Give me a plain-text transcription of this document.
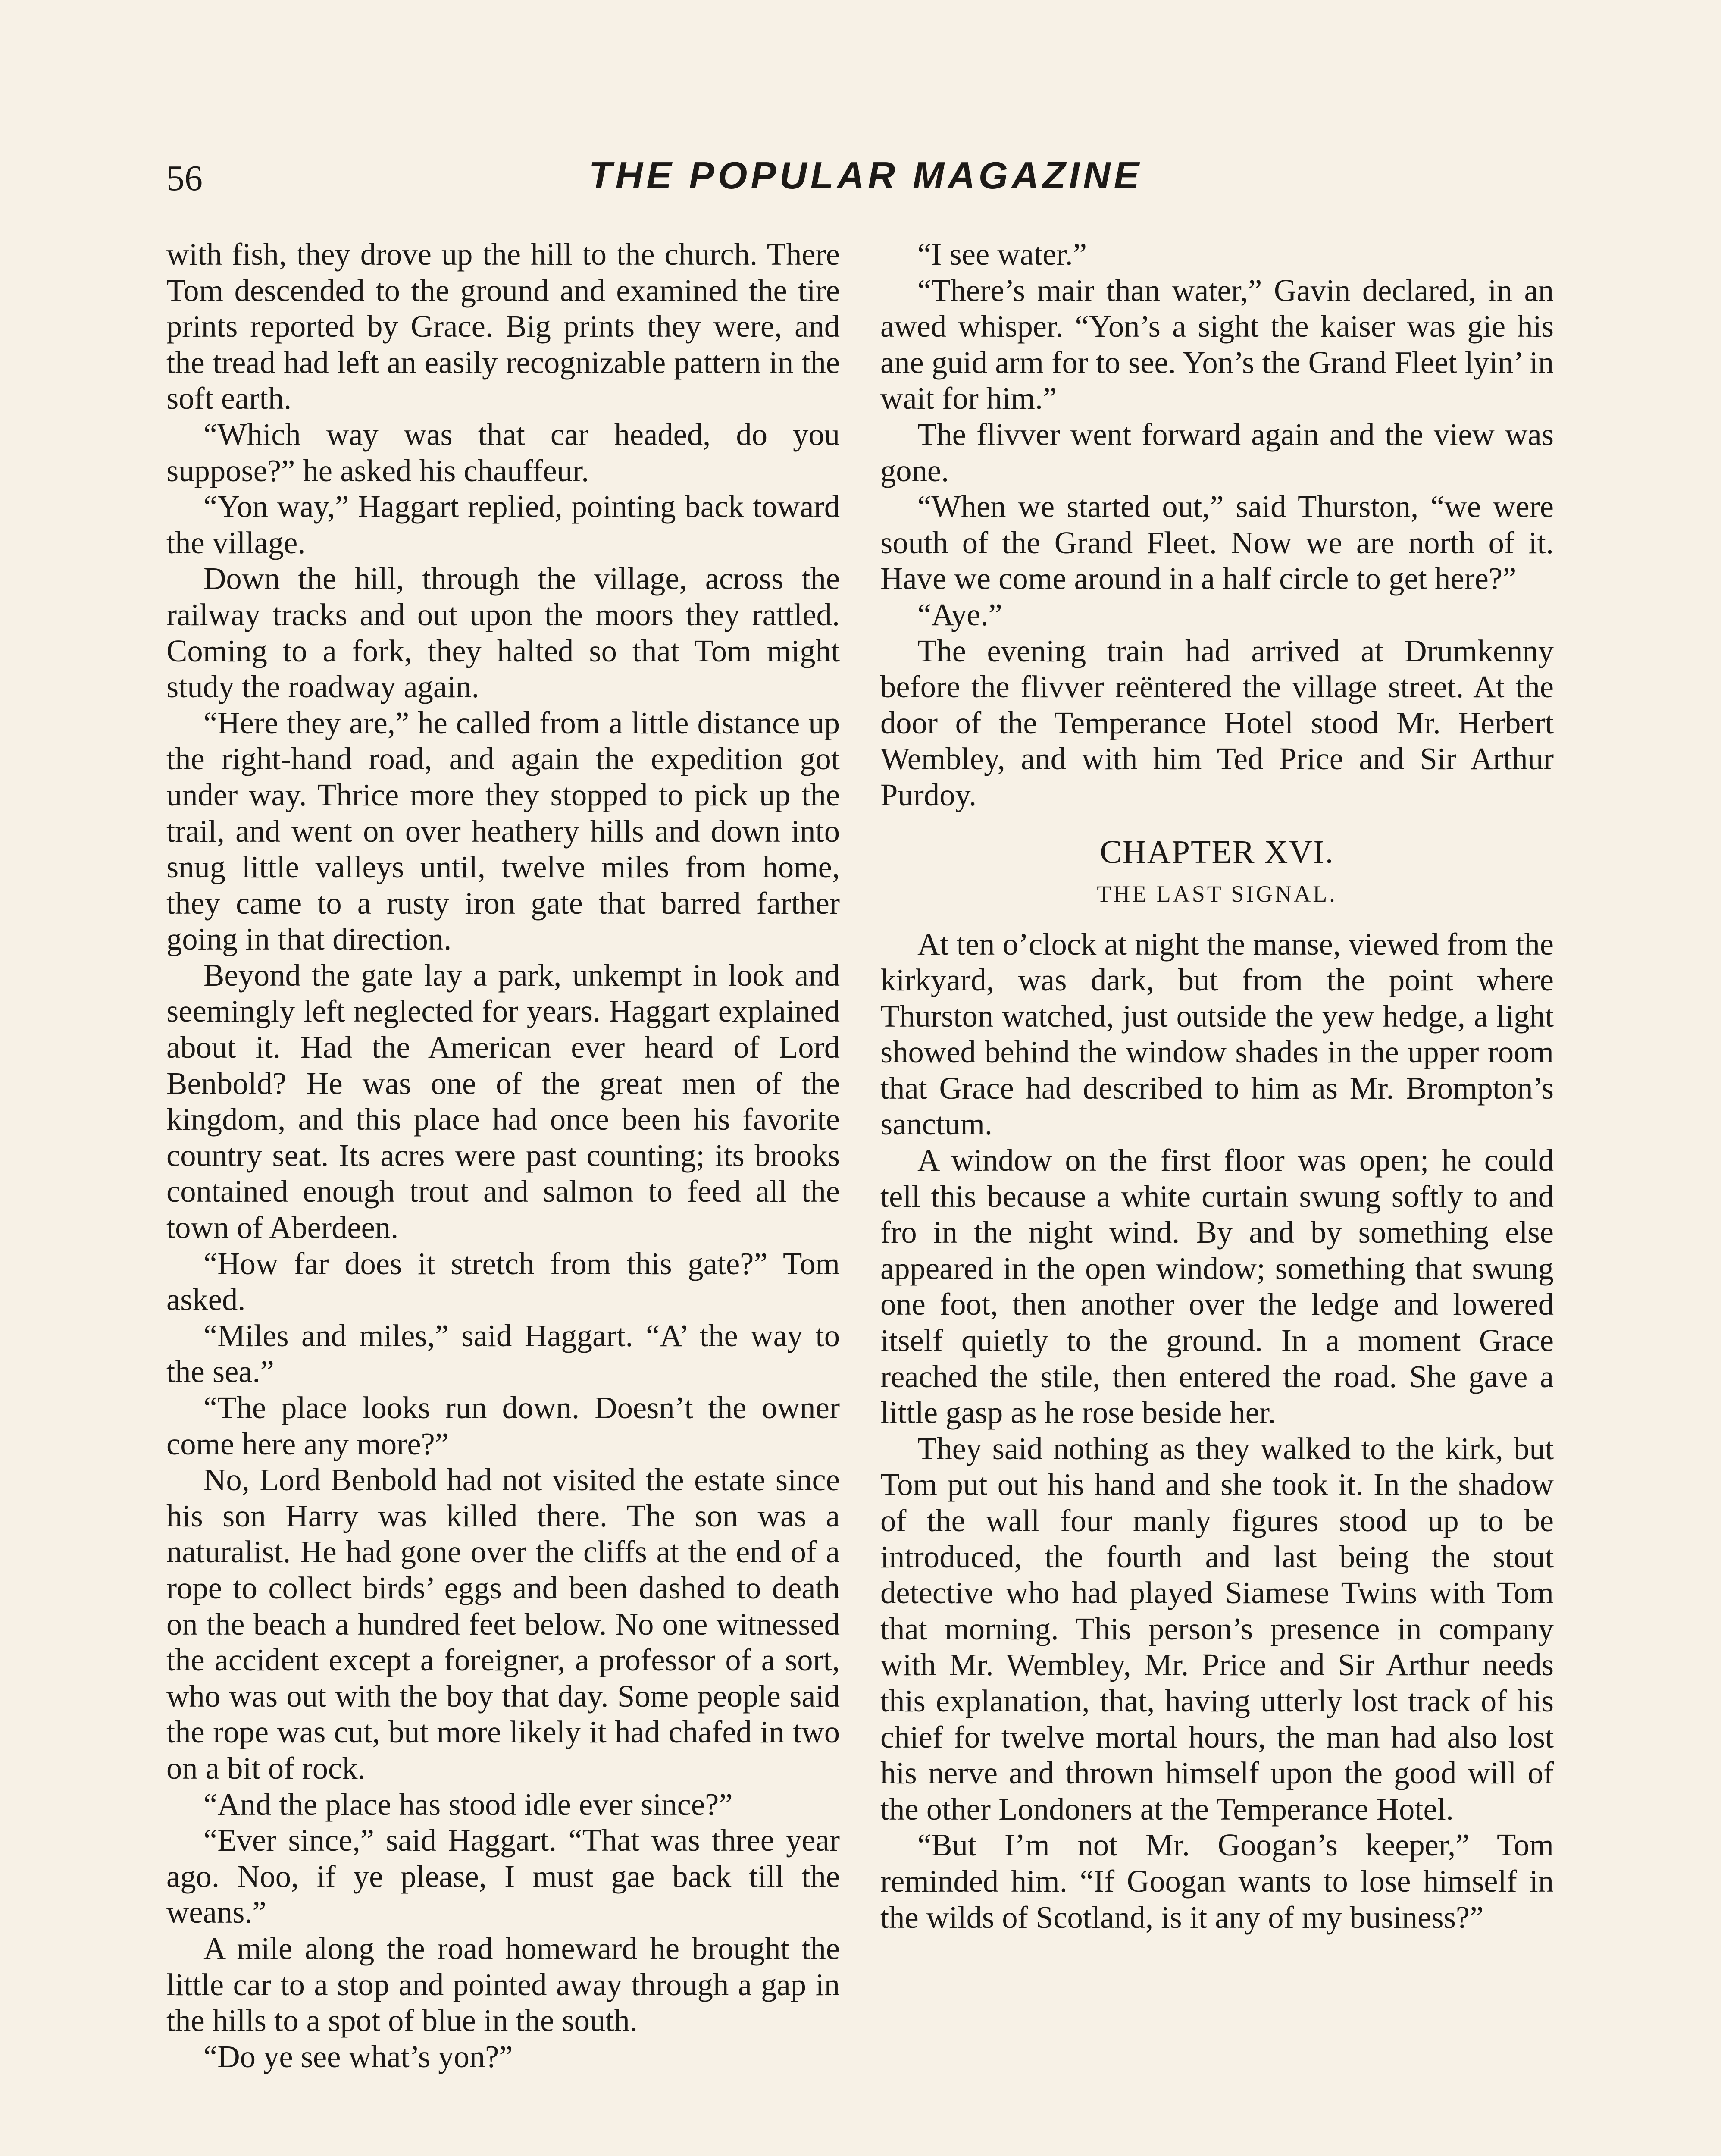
56	THE POPULAR MAGAZINE

with fish, they drove up the hill to the church. There Tom descended to the ground and examined the tire prints reported by Grace. Big prints they were, and the tread had left an easily recognizable pattern in the soft earth.

“Which way was that car headed, do you suppose?” he asked his chauffeur.

“Yon way,” Haggart replied, pointing back toward the village.

Down the hill, through the village, across the railway tracks and out upon the moors they rattled. Coming to a fork, they halted so that Tom might study the roadway again.

“Here they are,” he called from a little distance up the right-hand road, and again the expedition got under way. Thrice more they stopped to pick up the trail, and went on over heathery hills and down into snug little valleys until, twelve miles from home, they came to a rusty iron gate that barred farther going in that direction.

Beyond the gate lay a park, unkempt in look and seemingly left neglected for years. Haggart explained about it. Had the American ever heard of Lord Benbold? He was one of the great men of the kingdom, and this place had once been his favorite country seat. Its acres were past counting; its brooks contained enough trout and salmon to feed all the town of Aberdeen.

“How far does it stretch from this gate?” Tom asked.

“Miles and miles,” said Haggart. “A’ the way to the sea.”

“The place looks run down. Doesn’t the owner come here any more?”

No, Lord Benbold had not visited the estate since his son Harry was killed there. The son was a naturalist. He had gone over the cliffs at the end of a rope to collect birds’ eggs and been dashed to death on the beach a hundred feet below. No one witnessed the accident except a foreigner, a professor of a sort, who was out with the boy that day. Some people said the rope was cut, but more likely it had chafed in two on a bit of rock.

“And the place has stood idle ever since?”

“Ever since,” said Haggart. “That was three year ago. Noo, if ye please, I must gae back till the weans.”

A mile along the road homeward he brought the little car to a stop and pointed away through a gap in the hills to a spot of blue in the south.

“Do ye see what’s yon?”

“I see water.”

“There’s mair than water,” Gavin declared, in an awed whisper. “Yon’s a sight the kaiser was gie his ane guid arm for to see. Yon’s the Grand Fleet lyin’ in wait for him.”

The flivver went forward again and the view was gone.

“When we started out,” said Thurston, “we were south of the Grand Fleet. Now we are north of it. Have we come around in a half circle to get here?”

“Aye.”

The evening train had arrived at Drumkenny before the flivver reëntered the village street. At the door of the Temperance Hotel stood Mr. Herbert Wembley, and with him Ted Price and Sir Arthur Purdoy.

CHAPTER XVI.
THE LAST SIGNAL.

At ten o’clock at night the manse, viewed from the kirkyard, was dark, but from the point where Thurston watched, just outside the yew hedge, a light showed behind the window shades in the upper room that Grace had described to him as Mr. Brompton’s sanctum.

A window on the first floor was open; he could tell this because a white curtain swung softly to and fro in the night wind. By and by something else appeared in the open window; something that swung one foot, then another over the ledge and lowered itself quietly to the ground. In a moment Grace reached the stile, then entered the road. She gave a little gasp as he rose beside her.

They said nothing as they walked to the kirk, but Tom put out his hand and she took it. In the shadow of the wall four manly figures stood up to be introduced, the fourth and last being the stout detective who had played Siamese Twins with Tom that morning. This person’s presence in company with Mr. Wembley, Mr. Price and Sir Arthur needs this explanation, that, having utterly lost track of his chief for twelve mortal hours, the man had also lost his nerve and thrown himself upon the good will of the other Londoners at the Temperance Hotel.

“But I’m not Mr. Googan’s keeper,” Tom reminded him. “If Googan wants to lose himself in the wilds of Scotland, is it any of my business?”
